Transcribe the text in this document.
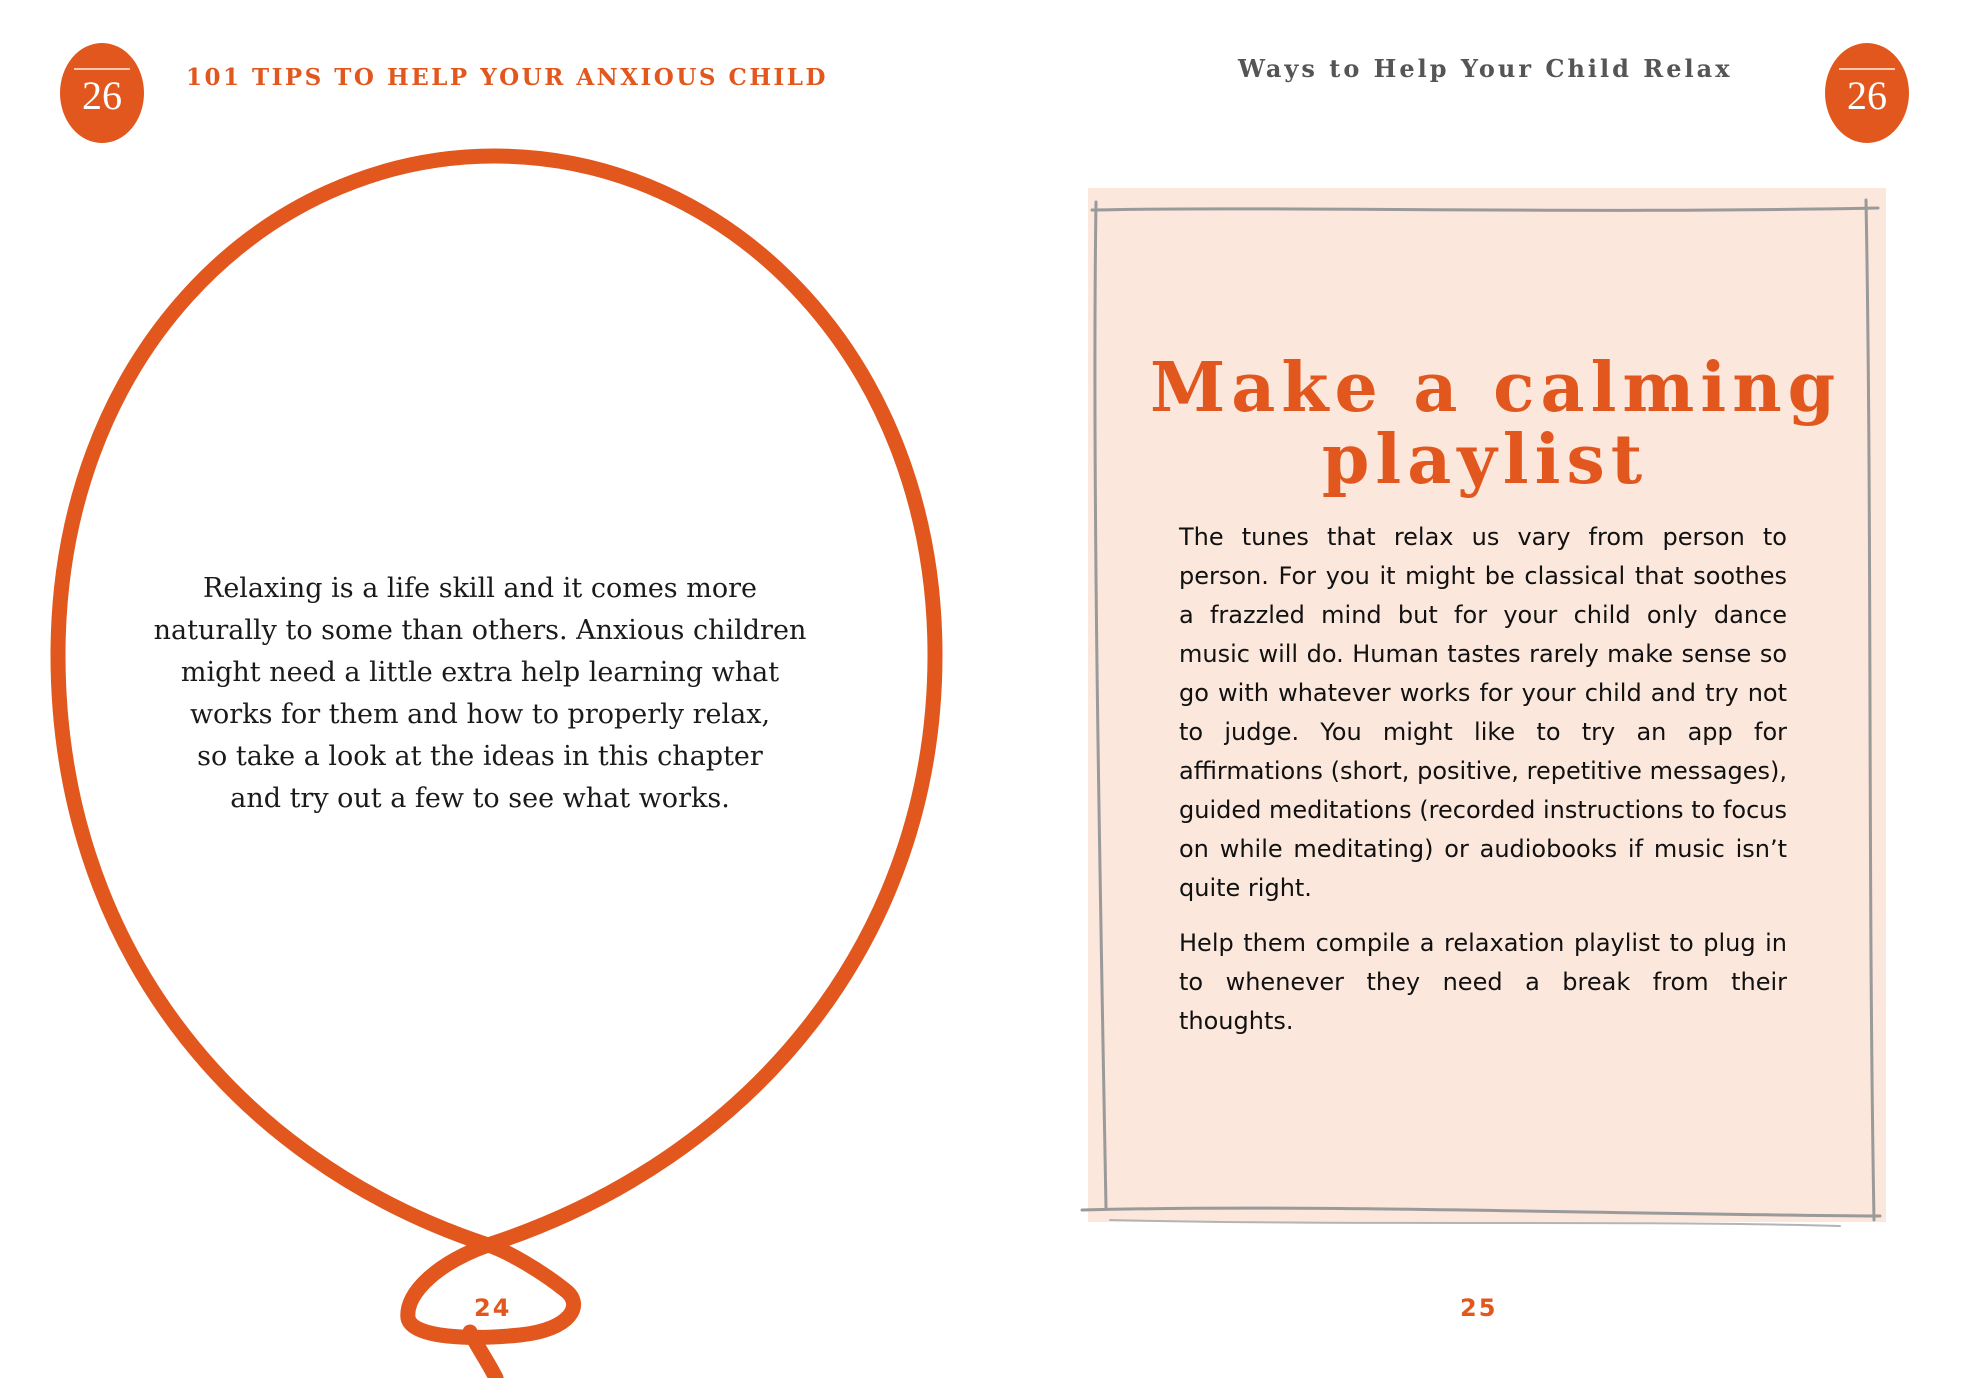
26	101 TIPS TO HELP YOUR ANXIOUS CHILD
Relaxing is a life skill and it comes more
naturally to some than others. Anxious children
might need a little extra help learning what
works for them and how to properly relax,
so take a look at the ideas in this chapter
and try out a few to see what works.
24
Ways to Help Your Child Relax
26
Make a calming
playlist

The tunes that relax us vary from person to person. For you it might be classical that soothes a frazzled mind but for your child only dance music will do. Human tastes rarely make sense so go with whatever works for your child and try not to judge. You might like to try an app for affirmations (short, positive, repetitive messages), guided meditations (recorded instructions to focus on while meditating) or audiobooks if music isn’t quite right.

Help them compile a relaxation playlist to plug in to whenever they need a break from their thoughts.

25
